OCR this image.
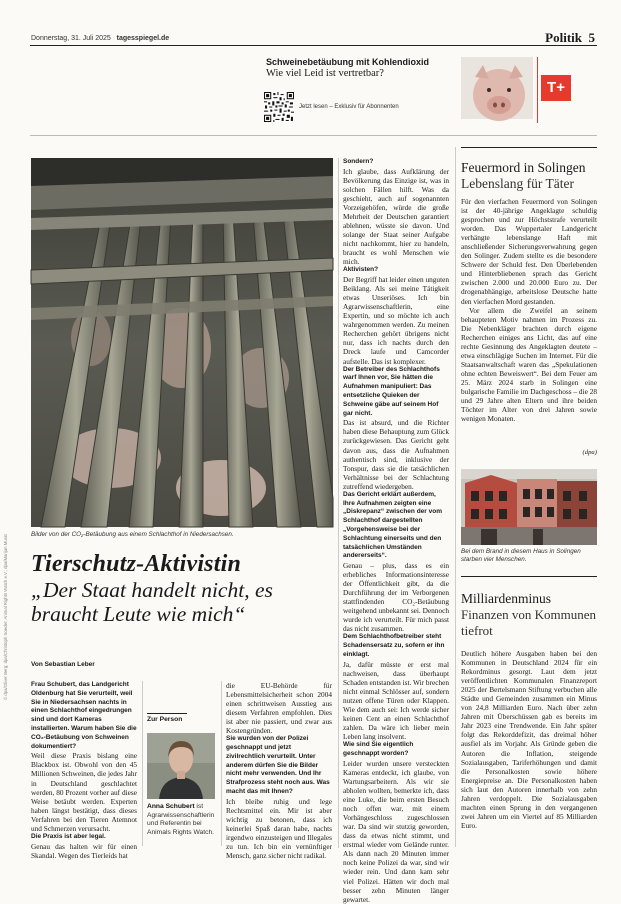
Donnerstag, 31. Juli 2025 tagesspiegel.de	Politik 5
Schweinebetäubung mit Kohlendioxid
Wie viel Leid ist vertretbar?
Jetzt lesen – Exklusiv für Abonnenten
T+
Bilder von der CO₂-Betäubung aus einem Schlachthof in Niedersachsen.
Tierschutz-Aktivistin
„Der Staat handelt nicht, es braucht Leute wie mich“
Von Sebastian Leber

Frau Schubert, das Landgericht Oldenburg hat Sie verurteilt, weil Sie in Niedersachsen nachts in einen Schlachthof eingedrungen sind und dort Kameras installierten. Warum haben Sie die CO₂-Betäubung von Schweinen dokumentiert?

Weil diese Praxis bislang eine Blackbox ist. Obwohl von den 45 Millionen Schweinen, die jedes Jahr in Deutschland geschlachtet werden, 80 Prozent vorher auf diese Weise betäubt werden. Experten haben längst bestätigt, dass dieses Verfahren bei den Tieren Atemnot und Schmerzen verursacht.

Die Praxis ist aber legal.

Genau das halten wir für einen Skandal. Wegen des Tierleids hat

Zur Person
Anna Schubert ist Agrarwissenschaftlerin und Referentin bei Animals Rights Watch.

die EU-Behörde für Lebensmittelsicherheit schon 2004 einen schrittweisen Ausstieg aus diesem Verfahren empfohlen. Dies ist aber nie passiert, und zwar aus Kostengründen.

Sie wurden von der Polizei geschnappt und jetzt zivilrechtlich verurteilt. Unter anderem dürfen Sie die Bilder nicht mehr verwenden. Und Ihr Strafprozess steht noch aus. Was macht das mit Ihnen?

Ich bleibe ruhig und lege Rechtsmittel ein. Mir ist aber wichtig zu betonen, dass ich keinerlei Spaß daran habe, nachts irgendwo einzusteigen und Illegales zu tun. Ich bin ein vernünftiger Mensch, ganz sicher nicht radikal.

Sondern?

Ich glaube, dass Aufklärung der Bevölkerung das Einzige ist, was in solchen Fällen hilft. Was da geschieht, auch auf sogenannten Vorzeigehöfen, würde die große Mehrheit der Deutschen garantiert ablehnen, wüsste sie davon. Und solange der Staat seiner Aufgabe nicht nachkommt, hier zu handeln, braucht es wohl Menschen wie mich.

Aktivisten?

Der Begriff hat leider einen unguten Beiklang. Als sei meine Tätigkeit etwas Unseriöses. Ich bin Agrarwissenschaftlerin, eine Expertin, und so möchte ich auch wahrgenommen werden. Zu meinen Recherchen gehört übrigens nicht nur, dass ich nachts durch den Dreck laufe und Camcorder aufstelle. Das ist komplexer.

Der Betreiber des Schlachthofs warf Ihnen vor, Sie hätten die Aufnahmen manipuliert: Das entsetzliche Quieken der Schweine gäbe auf seinem Hof gar nicht.

Das ist absurd, und die Richter haben diese Behauptung zum Glück zurückgewiesen. Das Gericht geht davon aus, dass die Aufnahmen authentisch sind, inklusive der Tonspur, dass sie die tatsächlichen Verhältnisse bei der Schlachtung zutreffend wiedergeben.

Das Gericht erklärt außerdem, Ihre Aufnahmen zeigten eine „Diskrepanz“ zwischen der vom Schlachthof dargestellten „Vorgehensweise bei der Schlachtung einerseits und den tatsächlichen Umständen andererseits“.

Genau – plus, dass es ein erhebliches Informationsinteresse der Öffentlichkeit gibt, da die Durchführung der im Verborgenen stattfindenden CO₂-Betäubung weitgehend unbekannt sei. Dennoch wurde ich verurteilt. Für mich passt das nicht zusammen.

Dem Schlachthofbetreiber steht Schadensersatz zu, sofern er ihn einklagt.

Ja, dafür müsste er erst mal nachweisen, dass überhaupt Schaden entstanden ist. Wir brechen nicht einmal Schlösser auf, sondern nutzen offene Türen oder Klappen. Wie dem auch sei: Ich werde sicher keinen Cent an einen Schlachthof zahlen. Da wäre ich lieber mein Leben lang insolvent.

Wie sind Sie eigentlich geschnappt worden?

Leider wurden unsere versteckten Kameras entdeckt, ich glaube, von Wartungsarbeitern. Als wir sie abholen wollten, bemerkte ich, dass eine Luke, die beim ersten Besuch noch offen war, mit einem Vorhängeschloss zugeschlossen war. Da sind wir stutzig geworden, dass da etwas nicht stimmt, und erstmal wieder vom Gelände runter. Als dann nach 20 Minuten immer noch keine Polizei da war, sind wir wieder rein. Und dann kam sehr viel Polizei. Hätten wir doch mal besser zehn Minuten länger gewartet.

Feuermord in Solingen
Lebenslang für Täter

Für den vierfachen Feuermord von Solingen ist der 40-jährige Angeklagte schuldig gesprochen und zur Höchststrafe verurteilt worden. Das Wuppertaler Landgericht verhängte lebenslange Haft mit anschließender Sicherungsverwahrung gegen den Solinger. Zudem stellte es die besondere Schwere der Schuld fest. Den Überlebenden und Hinterbliebenen sprach das Gericht zwischen 2.000 und 20.000 Euro zu. Der drogenabhängige, arbeitslose Deutsche hatte den vierfachen Mord gestanden.

Vor allem die Zweifel an seinem behaupteten Motiv nahmen im Prozess zu. Die Nebenkläger brachten durch eigene Recherchen einiges ans Licht, das auf eine rechte Gesinnung des Angeklagten deutete – etwa einschlägige Suchen im Internet. Für die Staatsanwaltschaft waren das „Spekulationen ohne echten Beweiswert“. Bei dem Feuer am 25. März 2024 starb in Solingen eine bulgarische Familie im Dachgeschoss – die 28 und 29 Jahre alten Eltern und ihre beiden Töchter im Alter von drei Jahren sowie wenigen Monaten.

(dpa)
Bei dem Brand in diesem Haus in Solingen starben vier Menschen.
Milliardenminus
Finanzen von Kommunen tiefrot

Deutlich höhere Ausgaben haben bei den Kommunen in Deutschland 2024 für ein Rekordminus gesorgt. Laut dem jetzt veröffentlichten Kommunalen Finanzreport 2025 der Bertelsmann Stiftung verbuchen alle Städte und Gemeinden zusammen ein Minus von 24,8 Milliarden Euro. Nach über zehn Jahren mit Überschüssen gab es bereits im Jahr 2023 eine Trendwende. Ein Jahr später folgt das Rekorddefizit, das dreimal höher ausfiel als im Vorjahr. Als Gründe geben die Autoren die Inflation, steigende Sozialausgaben, Tariferhöhungen und damit die Personalkosten sowie höhere Energiepreise an. Die Personalkosten haben sich laut den Autoren innerhalb von zehn Jahren verdoppelt. Die Sozialausgaben machten einen Sprung in den vergangenen zwei Jahren um ein Viertel auf 85 Milliarden Euro.

© dpa/Oliver Berg; dpa/Christoph Soeder; Animal Rights Watch e.V.; dpa/Marijan Murat
